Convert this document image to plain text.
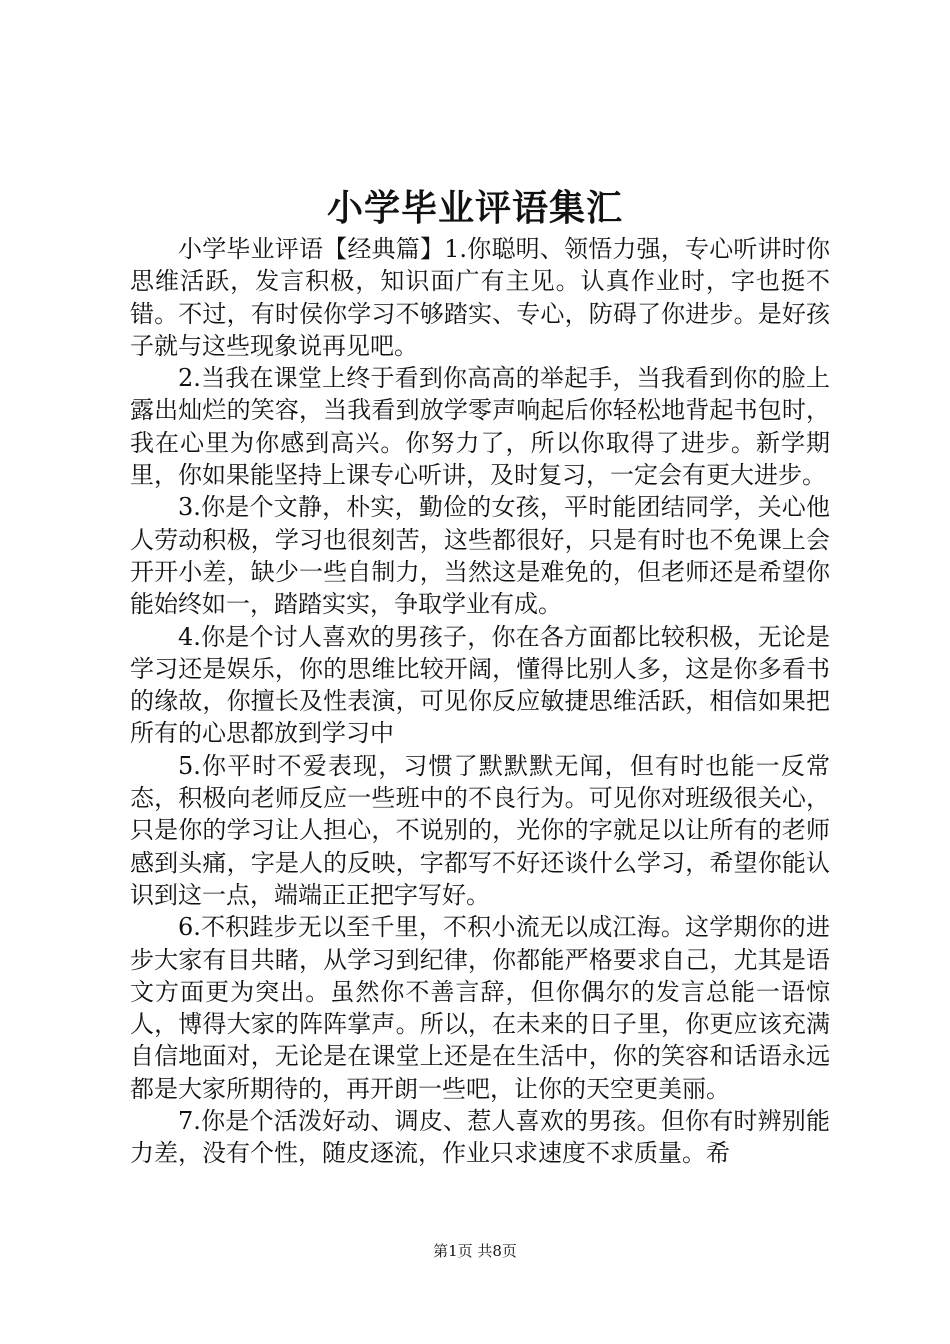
小学毕业评语集汇

小学毕业评语【经典篇】1.你聪明、领悟力强，专心听讲时你思维活跃，发言积极，知识面广有主见。认真作业时，字也挺不错。不过，有时侯你学习不够踏实、专心，防碍了你进步。是好孩子就与这些现象说再见吧。

2.当我在课堂上终于看到你高高的举起手，当我看到你的脸上露出灿烂的笑容，当我看到放学零声响起后你轻松地背起书包时，我在心里为你感到高兴。你努力了，所以你取得了进步。新学期里，你如果能坚持上课专心听讲，及时复习，一定会有更大进步。

3.你是个文静，朴实，勤俭的女孩，平时能团结同学，关心他人劳动积极，学习也很刻苦，这些都很好，只是有时也不免课上会开开小差，缺少一些自制力，当然这是难免的，但老师还是希望你能始终如一，踏踏实实，争取学业有成。

4.你是个讨人喜欢的男孩子，你在各方面都比较积极，无论是学习还是娱乐，你的思维比较开阔，懂得比别人多，这是你多看书的缘故，你擅长及性表演，可见你反应敏捷思维活跃，相信如果把所有的心思都放到学习中

5.你平时不爱表现，习惯了默默默无闻，但有时也能一反常态，积极向老师反应一些班中的不良行为。可见你对班级很关心，只是你的学习让人担心，不说别的，光你的字就足以让所有的老师感到头痛，字是人的反映，字都写不好还谈什么学习，希望你能认识到这一点，端端正正把字写好。

6.不积跬步无以至千里，不积小流无以成江海。这学期你的进步大家有目共睹，从学习到纪律，你都能严格要求自己，尤其是语文方面更为突出。虽然你不善言辞，但你偶尔的发言总能一语惊人，博得大家的阵阵掌声。所以，在未来的日子里，你更应该充满自信地面对，无论是在课堂上还是在生活中，你的笑容和话语永远都是大家所期待的，再开朗一些吧，让你的天空更美丽。

7.你是个活泼好动、调皮、惹人喜欢的男孩。但你有时辨别能力差，没有个性，随皮逐流，作业只求速度不求质量。希

第1页 共8页
